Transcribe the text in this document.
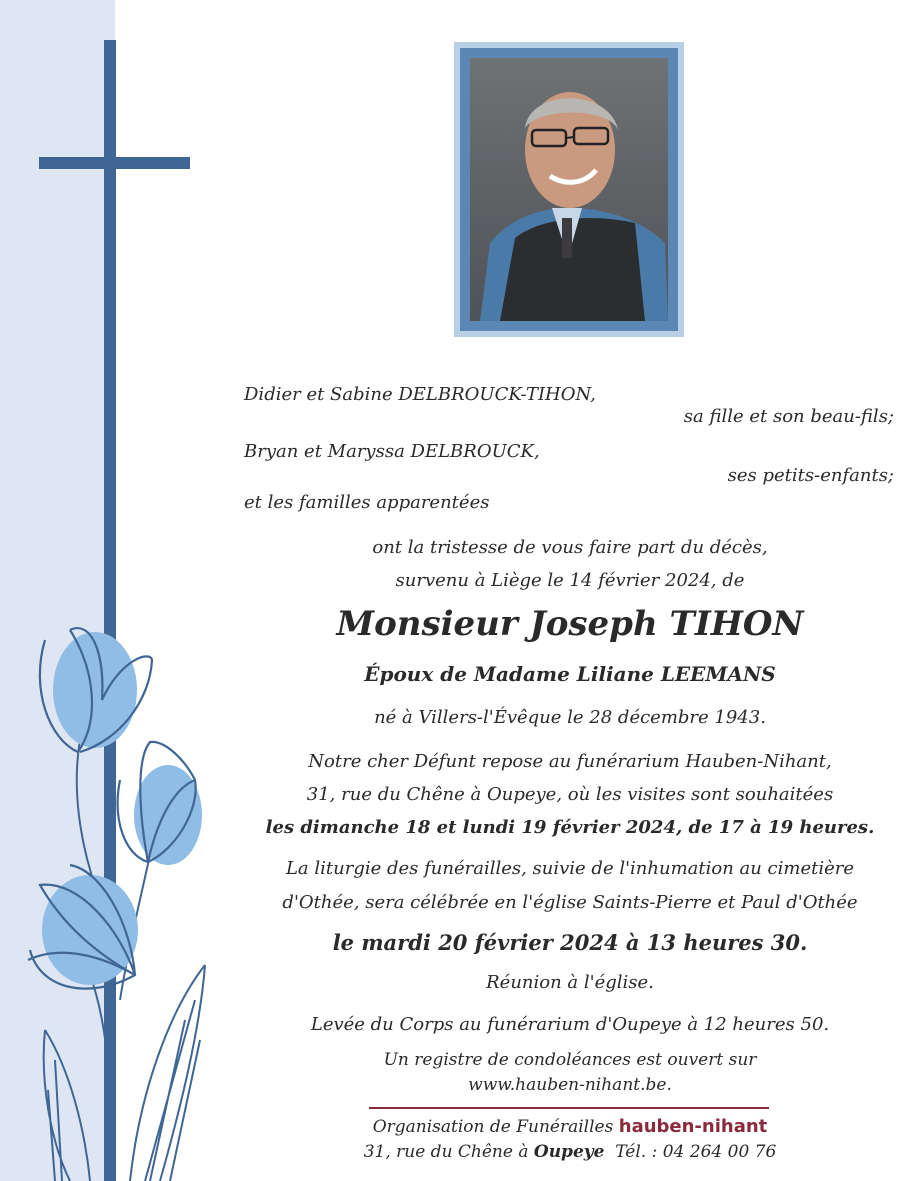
Didier et Sabine DELBROUCK-TIHON,
sa fille et son beau-fils;
Bryan et Maryssa DELBROUCK,
ses petits-enfants;
et les familles apparentées
ont la tristesse de vous faire part du décès,
survenu à Liège le 14 février 2024, de
Monsieur Joseph TIHON
Époux de Madame Liliane LEEMANS
né à Villers-l'Évêque le 28 décembre 1943.
Notre cher Défunt repose au funérarium Hauben-Nihant,
31, rue du Chêne à Oupeye, où les visites sont souhaitées
les dimanche 18 et lundi 19 février 2024, de 17 à 19 heures.
La liturgie des funérailles, suivie de l'inhumation au cimetière
d'Othée, sera célébrée en l'église Saints-Pierre et Paul d'Othée
le mardi 20 février 2024 à 13 heures 30.
Réunion à l'église.
Levée du Corps au funérarium d'Oupeye à 12 heures 50.
Un registre de condoléances est ouvert sur
www.hauben-nihant.be.
Organisation de Funérailles hauben-nihant
31, rue du Chêne à Oupeye Tél. : 04 264 00 76
